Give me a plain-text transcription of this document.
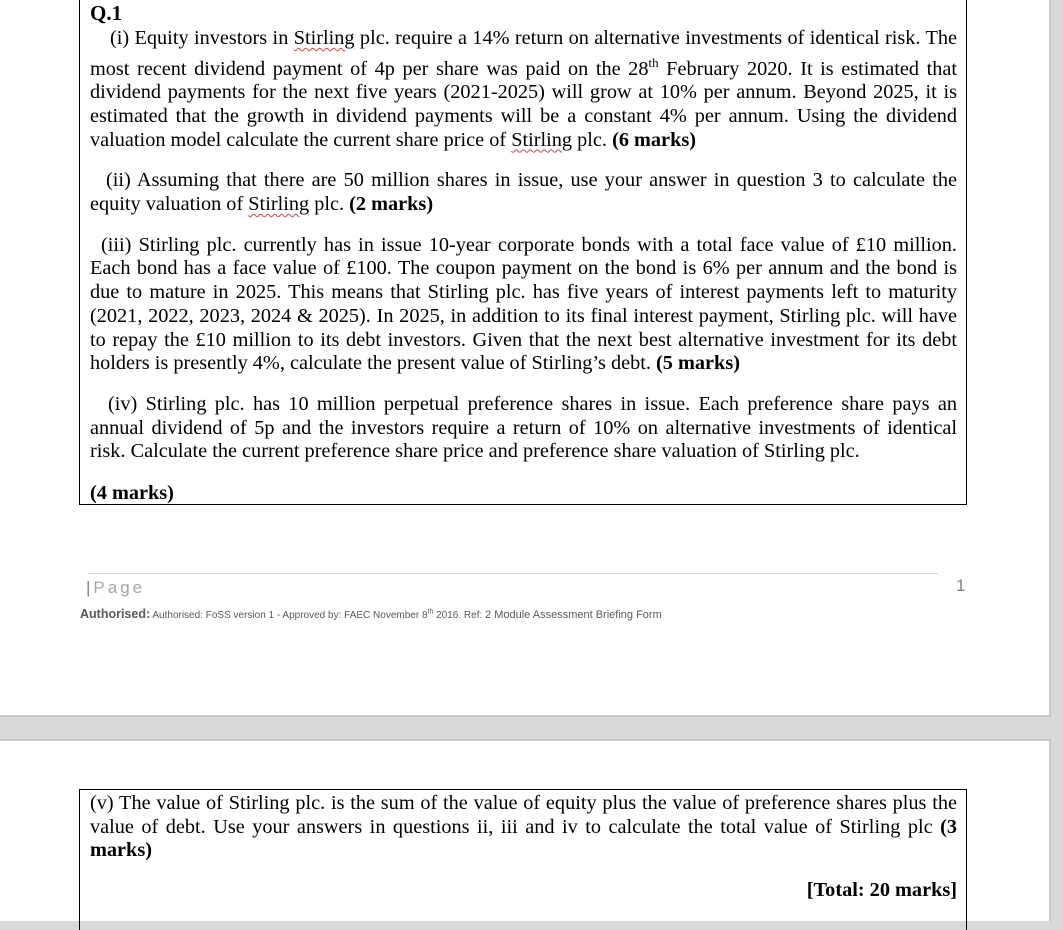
Q.1

(i) Equity investors in Stirling plc. require a 14% return on alternative investments of identical risk. The most recent dividend payment of 4p per share was paid on the 28th February 2020. It is estimated that dividend payments for the next five years (2021-2025) will grow at 10% per annum. Beyond 2025, it is estimated that the growth in dividend payments will be a constant 4% per annum. Using the dividend valuation model calculate the current share price of Stirling plc. (6 marks)

(ii) Assuming that there are 50 million shares in issue, use your answer in question 3 to calculate the equity valuation of Stirling plc. (2 marks)

(iii) Stirling plc. currently has in issue 10-year corporate bonds with a total face value of £10 million. Each bond has a face value of £100. The coupon payment on the bond is 6% per annum and the bond is due to mature in 2025. This means that Stirling plc. has five years of interest payments left to maturity (2021, 2022, 2023, 2024 & 2025). In 2025, in addition to its final interest payment, Stirling plc. will have to repay the £10 million to its debt investors. Given that the next best alternative investment for its debt holders is presently 4%, calculate the present value of Stirling’s debt. (5 marks)

(iv) Stirling plc. has 10 million perpetual preference shares in issue. Each preference share pays an annual dividend of 5p and the investors require a return of 10% on alternative investments of identical risk. Calculate the current preference share price and preference share valuation of Stirling plc.

(4 marks)

| Page	1
Authorised: Authorised: FoSS version 1 - Approved by: FAEC November 8th 2016. Ref: 2 Module Assessment Briefing Form

(v) The value of Stirling plc. is the sum of the value of equity plus the value of preference shares plus the value of debt. Use your answers in questions ii, iii and iv to calculate the total value of Stirling plc (3 marks)

[Total: 20 marks]
